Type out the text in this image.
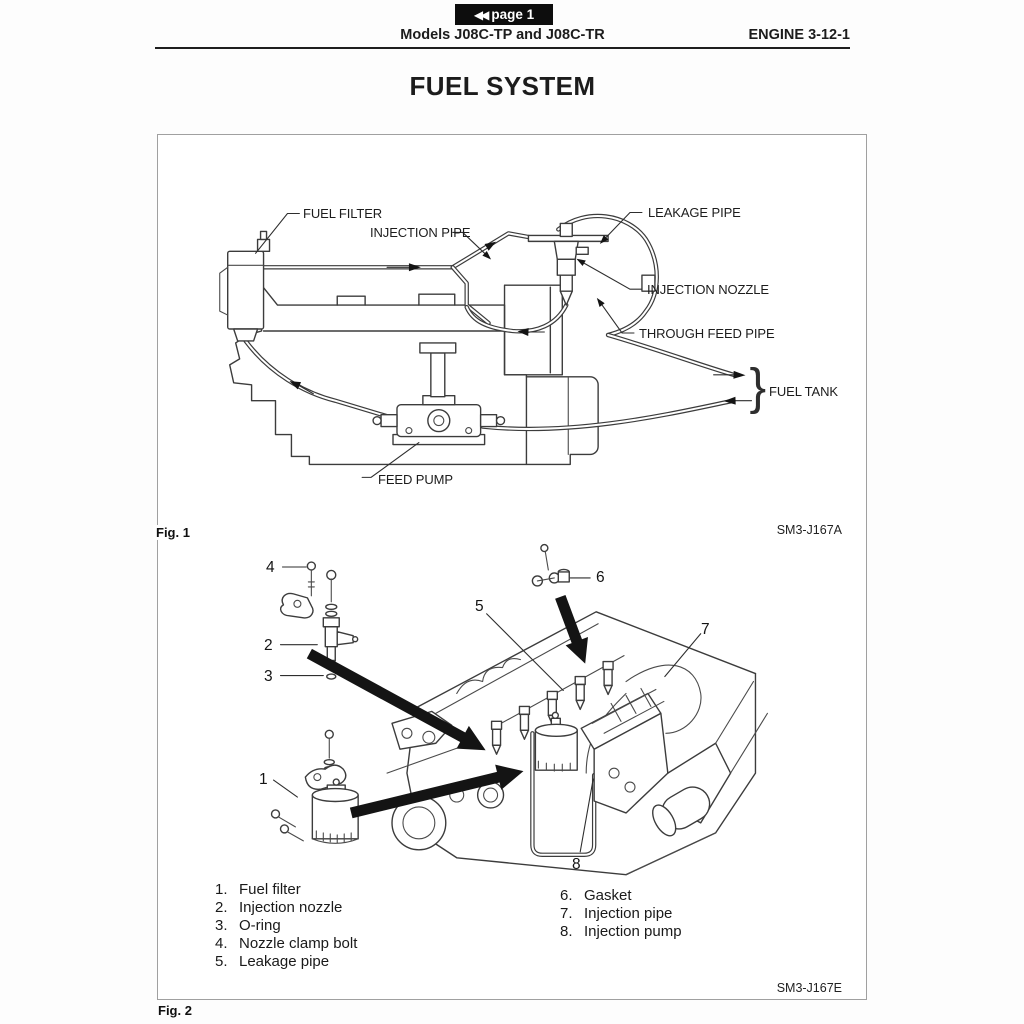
◀◀ page 1
Models J08C-TP and J08C-TR	ENGINE 3-12-1
FUEL SYSTEM
}
FUEL FILTER
INJECTION PIPE
LEAKAGE PIPE
INJECTION NOZZLE
THROUGH FEED PIPE
FUEL TANK
FEED PUMP
Fig. 1	SM3-J167A
4
2
3
6
5
7
1
8
1. Fuel filter
2. Injection nozzle
3. O-ring
4. Nozzle clamp bolt
5. Leakage pipe
6. Gasket
7. Injection pipe
8. Injection pump
SM3-J167E
Fig. 2
